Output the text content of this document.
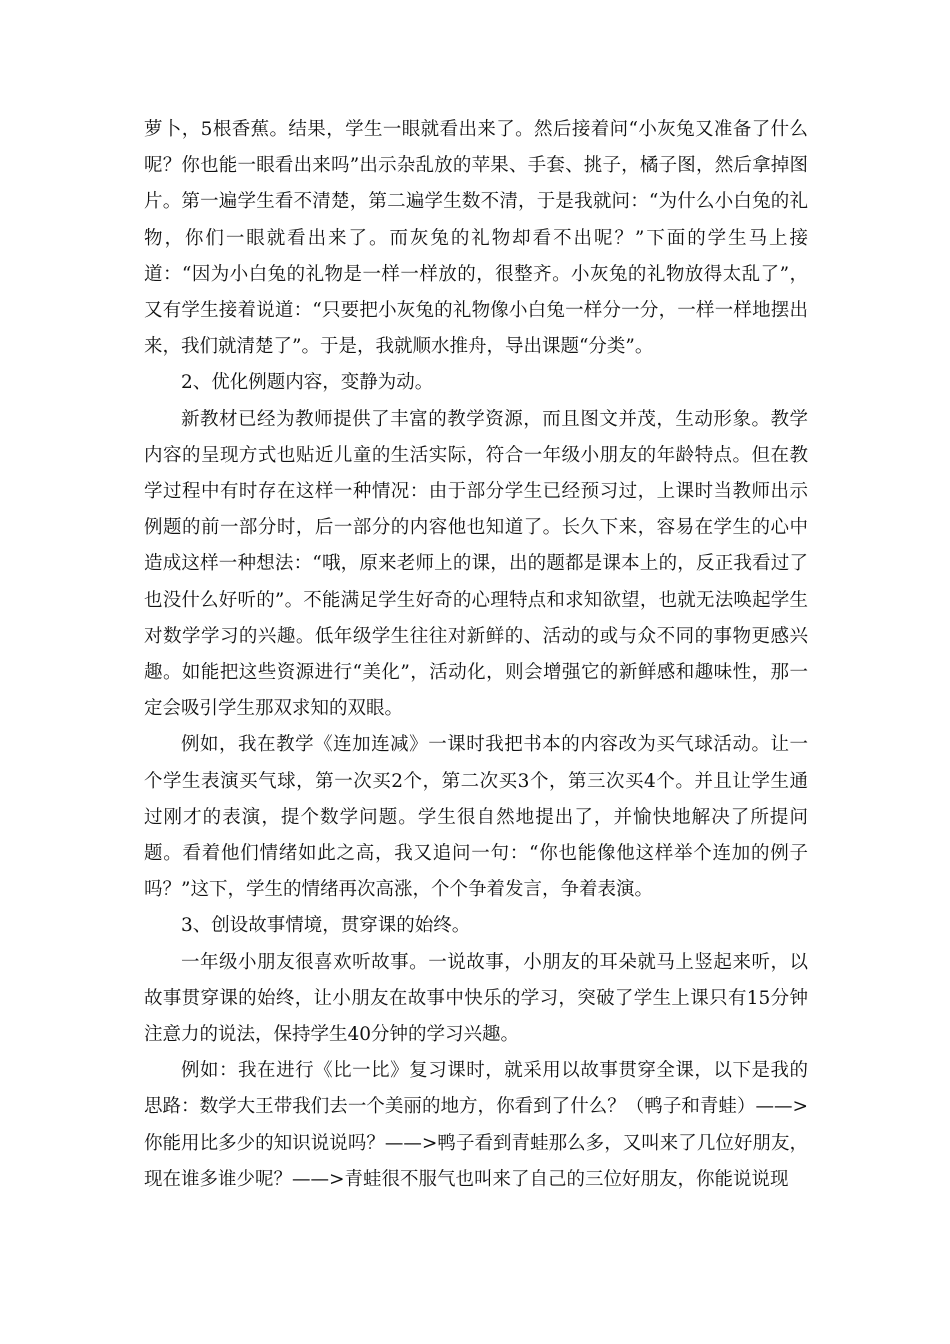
萝卜，5根香蕉。结果，学生一眼就看出来了。然后接着问“小灰兔又准备了什么呢？你也能一眼看出来吗”出示杂乱放的苹果、手套、挑子，橘子图，然后拿掉图片。第一遍学生看不清楚，第二遍学生数不清，于是我就问：“为什么小白兔的礼物，你们一眼就看出来了。而灰兔的礼物却看不出呢？”下面的学生马上接道：“因为小白兔的礼物是一样一样放的，很整齐。小灰兔的礼物放得太乱了”，又有学生接着说道：“只要把小灰兔的礼物像小白兔一样分一分，一样一样地摆出来，我们就清楚了”。于是，我就顺水推舟，导出课题“分类”。

2、优化例题内容，变静为动。

新教材已经为教师提供了丰富的教学资源，而且图文并茂，生动形象。教学内容的呈现方式也贴近儿童的生活实际，符合一年级小朋友的年龄特点。但在教学过程中有时存在这样一种情况：由于部分学生已经预习过，上课时当教师出示例题的前一部分时，后一部分的内容他也知道了。长久下来，容易在学生的心中造成这样一种想法：“哦，原来老师上的课，出的题都是课本上的，反正我看过了也没什么好听的”。不能满足学生好奇的心理特点和求知欲望，也就无法唤起学生对数学学习的兴趣。低年级学生往往对新鲜的、活动的或与众不同的事物更感兴趣。如能把这些资源进行“美化”，活动化，则会增强它的新鲜感和趣味性，那一定会吸引学生那双求知的双眼。

例如，我在教学《连加连减》一课时我把书本的内容改为买气球活动。让一个学生表演买气球，第一次买2个，第二次买3个，第三次买4个。并且让学生通过刚才的表演，提个数学问题。学生很自然地提出了，并愉快地解决了所提问题。看着他们情绪如此之高，我又追问一句：“你也能像他这样举个连加的例子吗？”这下，学生的情绪再次高涨，个个争着发言，争着表演。

3、创设故事情境，贯穿课的始终。

一年级小朋友很喜欢听故事。一说故事，小朋友的耳朵就马上竖起来听，以故事贯穿课的始终，让小朋友在故事中快乐的学习，突破了学生上课只有15分钟注意力的说法，保持学生40分钟的学习兴趣。

例如：我在进行《比一比》复习课时，就采用以故事贯穿全课，以下是我的思路：数学大王带我们去一个美丽的地方，你看到了什么？（鸭子和青蛙）——>你能用比多少的知识说说吗？——>鸭子看到青蛙那么多，又叫来了几位好朋友，现在谁多谁少呢？——>青蛙很不服气也叫来了自己的三位好朋友，你能说说现
